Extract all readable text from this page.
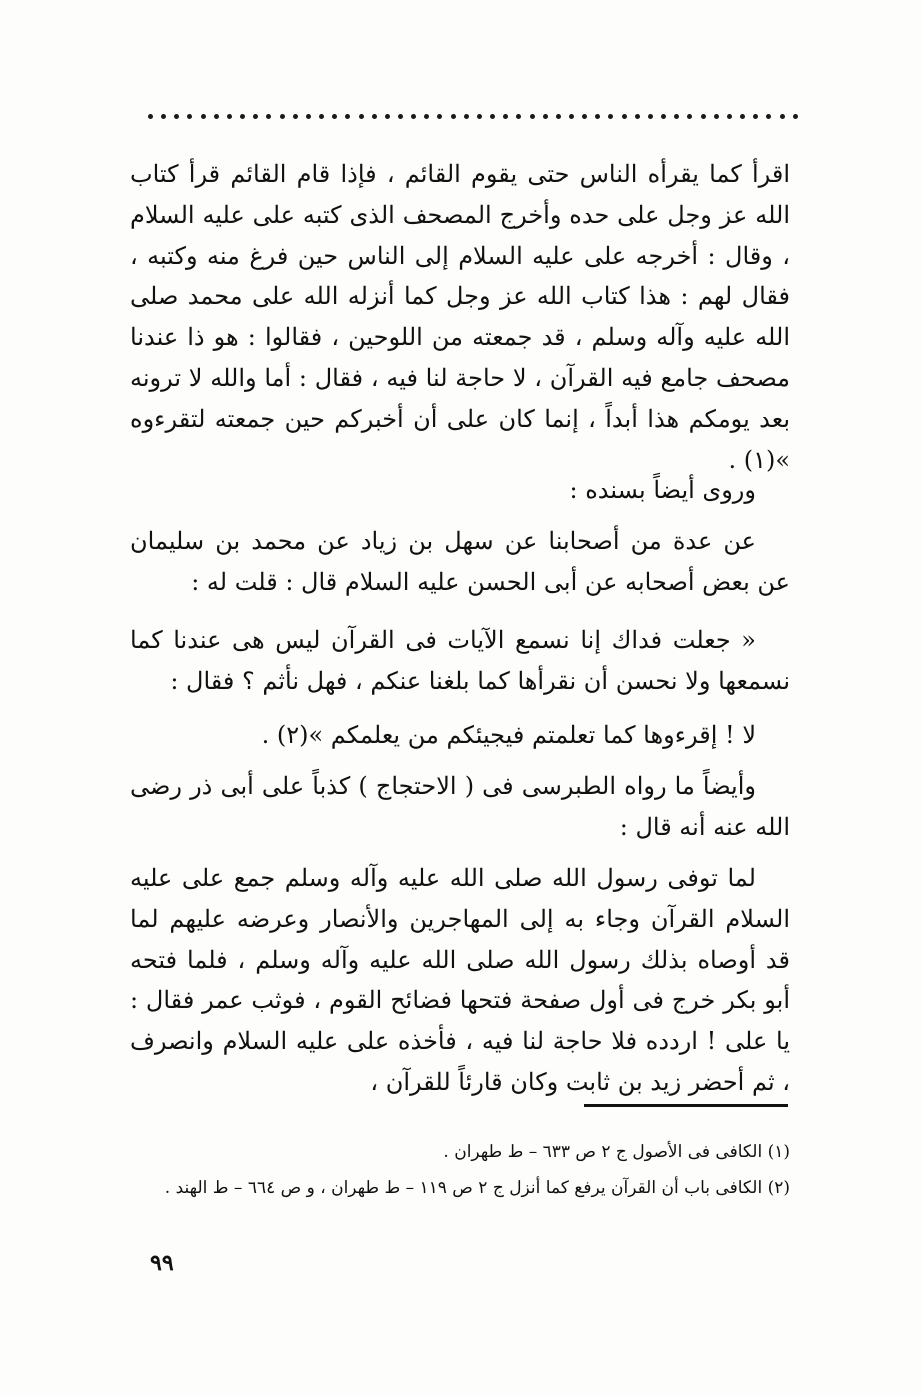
اقرأ كما يقرأه الناس حتى يقوم القائم ، فإذا قام القائم قرأ كتاب الله عز وجل على حده وأخرج المصحف الذى كتبه على عليه السلام ، وقال : أخرجه على عليه السلام إلى الناس حين فرغ منه وكتبه ، فقال لهم : هذا كتاب الله عز وجل كما أنزله الله على محمد صلى الله عليه وآله وسلم ، قد جمعته من اللوحين ، فقالوا : هو ذا عندنا مصحف جامع فيه القرآن ، لا حاجة لنا فيه ، فقال : أما والله لا ترونه بعد يومكم هذا أبداً ، إنما كان على أن أخبركم حين جمعته لتقرءوه »(١) .

وروى أيضاً بسنده :

عن عدة من أصحابنا عن سهل بن زياد عن محمد بن سليمان عن بعض أصحابه عن أبى الحسن عليه السلام قال : قلت له :

« جعلت فداك إنا نسمع الآيات فى القرآن ليس هى عندنا كما نسمعها ولا نحسن أن نقرأها كما بلغنا عنكم ، فهل نأثم ؟ فقال :

لا ! إقرءوها كما تعلمتم فيجيئكم من يعلمكم »(٢) .

وأيضاً ما رواه الطبرسى فى ( الاحتجاج ) كذباً على أبى ذر رضى الله عنه أنه قال :

لما توفى رسول الله صلى الله عليه وآله وسلم جمع على عليه السلام القرآن وجاء به إلى المهاجرين والأنصار وعرضه عليهم لما قد أوصاه بذلك رسول الله صلى الله عليه وآله وسلم ، فلما فتحه أبو بكر خرج فى أول صفحة فتحها فضائح القوم ، فوثب عمر فقال : يا على ! اردده فلا حاجة لنا فيه ، فأخذه على عليه السلام وانصرف ، ثم أحضر زيد بن ثابت وكان قارئاً للقرآن ،

(١) الكافى فى الأصول ج ٢ ص ٦٣٣ – ط طهران .

(٢) الكافى باب أن القرآن يرفع كما أنزل ج ٢ ص ١١٩ – ط طهران ، و ص ٦٦٤ – ط الهند .

٩٩
